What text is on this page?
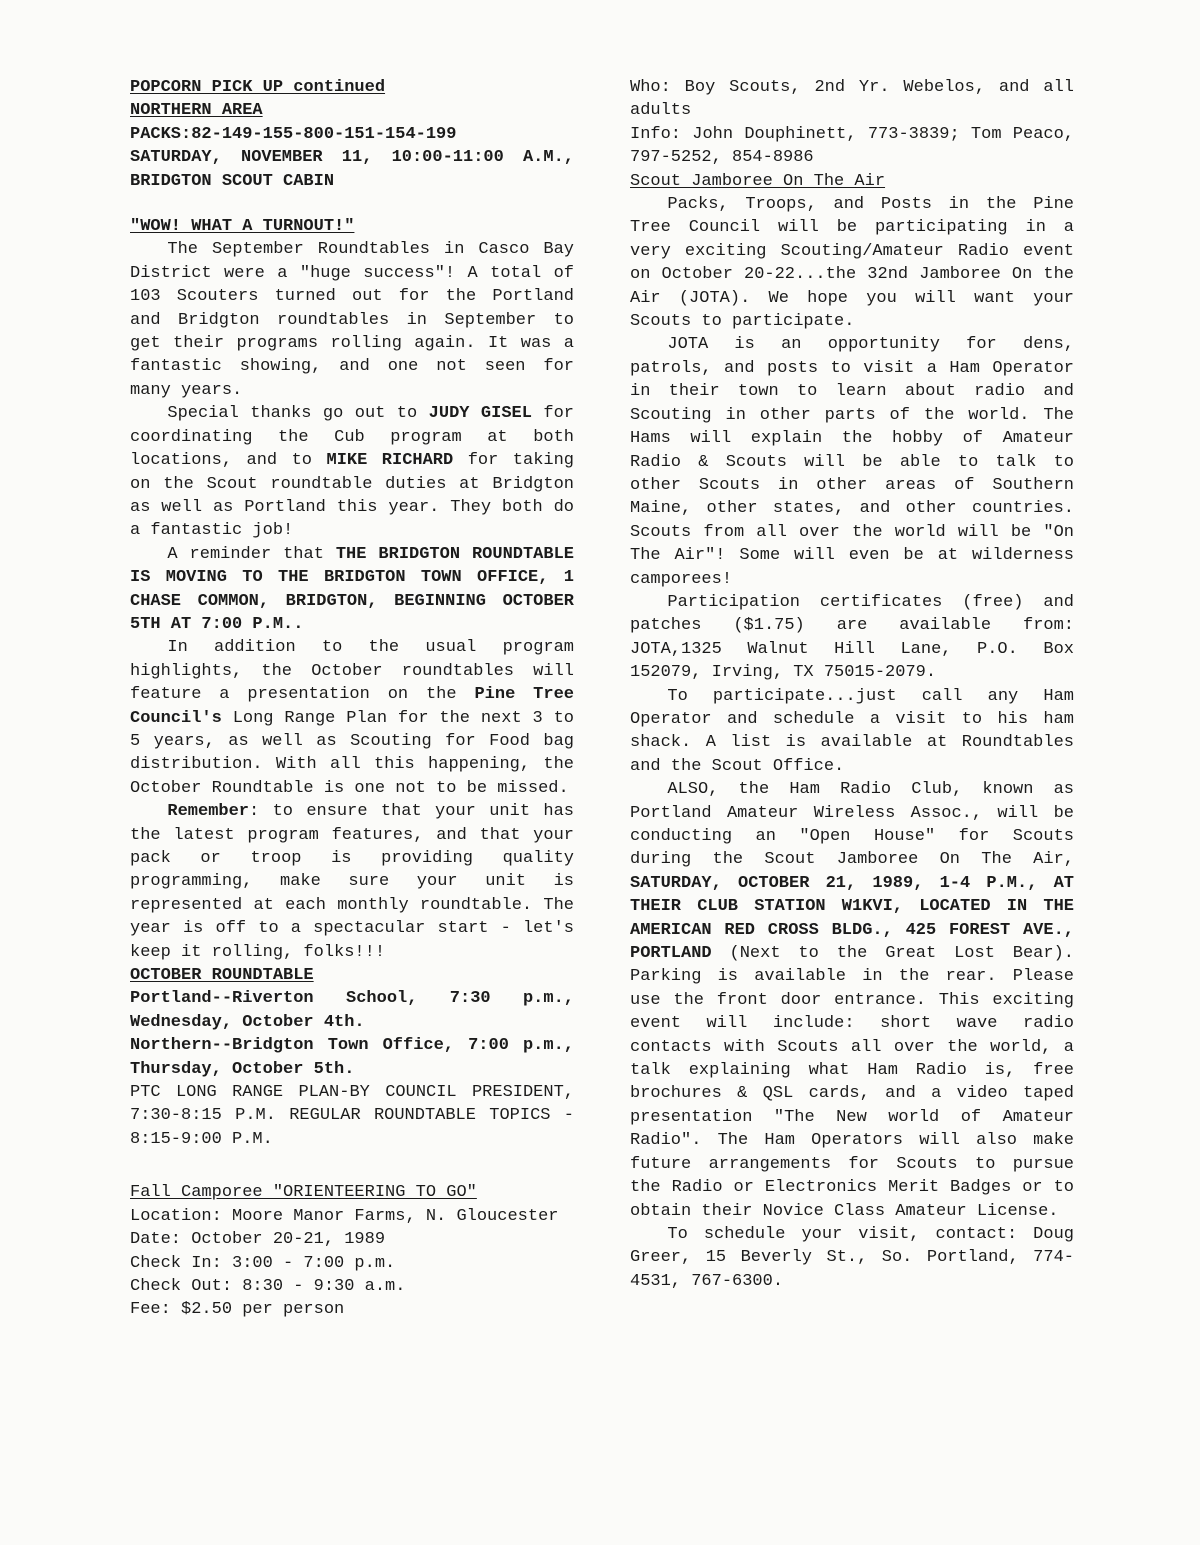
POPCORN PICK UP continued
NORTHERN AREA

PACKS:82-149-155-800-151-154-199

SATURDAY, NOVEMBER 11, 10:00-11:00 A.M., BRIDGTON SCOUT CABIN

"WOW! WHAT A TURNOUT!"

The September Roundtables in Casco Bay District were a "huge success"! A total of 103 Scouters turned out for the Portland and Bridgton roundtables in September to get their programs rolling again. It was a fantastic showing, and one not seen for many years.

Special thanks go out to JUDY GISEL for coordinating the Cub program at both locations, and to MIKE RICHARD for taking on the Scout roundtable duties at Bridgton as well as Portland this year. They both do a fantastic job!

A reminder that THE BRIDGTON ROUNDTABLE IS MOVING TO THE BRIDGTON TOWN OFFICE, 1 CHASE COMMON, BRIDGTON, BEGINNING OCTOBER 5TH AT 7:00 P.M..

In addition to the usual program highlights, the October roundtables will feature a presentation on the Pine Tree Council's Long Range Plan for the next 3 to 5 years, as well as Scouting for Food bag distribution. With all this happening, the October Roundtable is one not to be missed.

Remember: to ensure that your unit has the latest program features, and that your pack or troop is providing quality programming, make sure your unit is represented at each monthly roundtable. The year is off to a spectacular start - let's keep it rolling, folks!!!

OCTOBER ROUNDTABLE

Portland--Riverton School, 7:30 p.m., Wednesday, October 4th.

Northern--Bridgton Town Office, 7:00 p.m., Thursday, October 5th.

PTC LONG RANGE PLAN-BY COUNCIL PRESIDENT, 7:30-8:15 P.M. REGULAR ROUNDTABLE TOPICS - 8:15-9:00 P.M.

Fall Camporee "ORIENTEERING TO GO"

Location: Moore Manor Farms, N. Gloucester

Date: October 20-21, 1989

Check In: 3:00 - 7:00 p.m.

Check Out: 8:30 - 9:30 a.m.

Fee: $2.50 per person

Who: Boy Scouts, 2nd Yr. Webelos, and all adults

Info: John Douphinett, 773-3839; Tom Peaco, 797-5252, 854-8986

Scout Jamboree On The Air

Packs, Troops, and Posts in the Pine Tree Council will be participating in a very exciting Scouting/Amateur Radio event on October 20-22...the 32nd Jamboree On the Air (JOTA). We hope you will want your Scouts to participate.

JOTA is an opportunity for dens, patrols, and posts to visit a Ham Operator in their town to learn about radio and Scouting in other parts of the world. The Hams will explain the hobby of Amateur Radio & Scouts will be able to talk to other Scouts in other areas of Southern Maine, other states, and other countries. Scouts from all over the world will be "On The Air"! Some will even be at wilderness camporees!

Participation certificates (free) and patches ($1.75) are available from: JOTA,1325 Walnut Hill Lane, P.O. Box 152079, Irving, TX 75015-2079.

To participate...just call any Ham Operator and schedule a visit to his ham shack. A list is available at Roundtables and the Scout Office.

ALSO, the Ham Radio Club, known as Portland Amateur Wireless Assoc., will be conducting an "Open House" for Scouts during the Scout Jamboree On The Air, SATURDAY, OCTOBER 21, 1989, 1-4 P.M., AT THEIR CLUB STATION W1KVI, LOCATED IN THE AMERICAN RED CROSS BLDG., 425 FOREST AVE., PORTLAND (Next to the Great Lost Bear). Parking is available in the rear. Please use the front door entrance. This exciting event will include: short wave radio contacts with Scouts all over the world, a talk explaining what Ham Radio is, free brochures & QSL cards, and a video taped presentation "The New world of Amateur Radio". The Ham Operators will also make future arrangements for Scouts to pursue the Radio or Electronics Merit Badges or to obtain their Novice Class Amateur License.

To schedule your visit, contact: Doug Greer, 15 Beverly St., So. Portland, 774-4531, 767-6300.
